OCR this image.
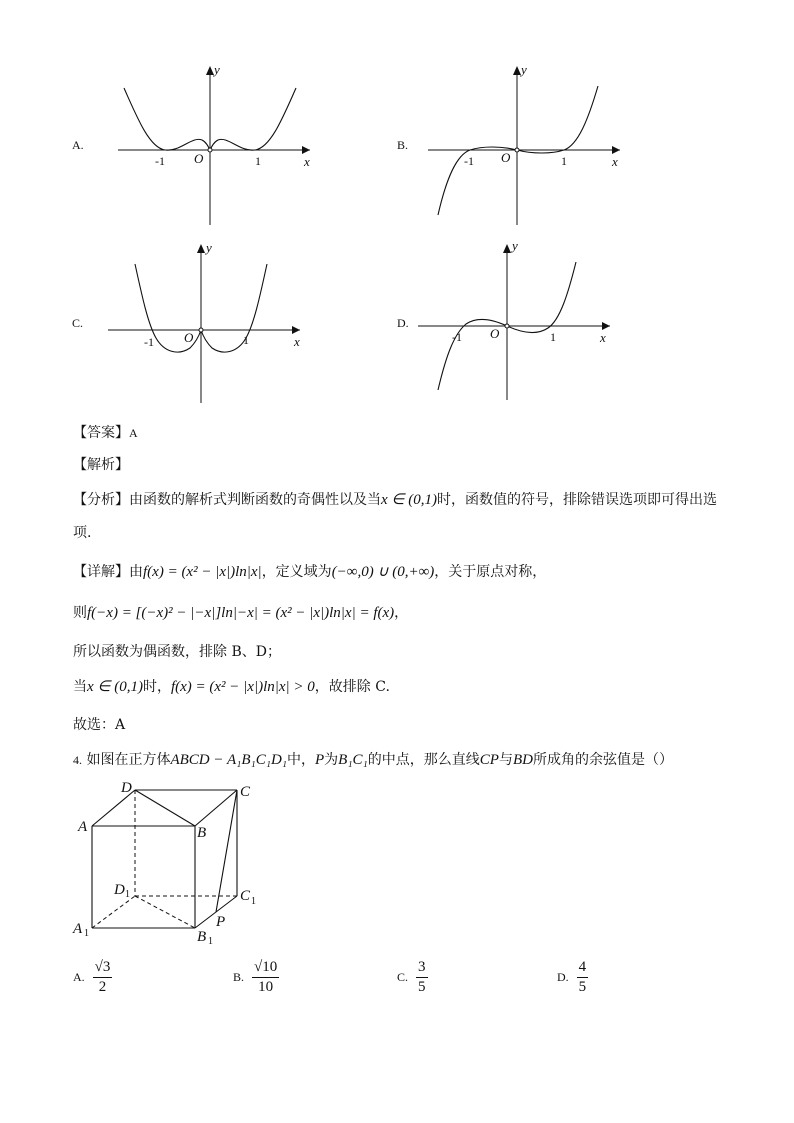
A.
y
x
O
-1	1
B.
y
x
O
-1	1
C.
y
x
O
-1	1
D.
y
x
O
-1	1
【答案】A
【解析】
【分析】由函数的解析式判断函数的奇偶性以及当x ∈ (0,1)时，函数值的符号，排除错误选项即可得出选
项.
【详解】由f(x) = (x² − |x|)ln|x|，定义域为(−∞,0) ∪ (0,+∞)，关于原点对称，
则f(−x) = [(−x)² − |−x|]ln|−x| = (x² − |x|)ln|x| = f(x)，
所以函数为偶函数，排除 B、D；
当x ∈ (0,1)时，f(x) = (x² − |x|)ln|x| > 0，故排除 C.
故选：A
4. 如图在正方体ABCD − A₁B₁C₁D₁中，P为B₁C₁的中点，那么直线CP与BD所成角的余弦值是（）
A
D	C
B
D 1	C 1
A 1	B 1
P
A. $\frac{√3}{2}$	B. $\frac{√10}{10}$	C. $\frac{3}{5}$	D. $\frac{4}{5}$
